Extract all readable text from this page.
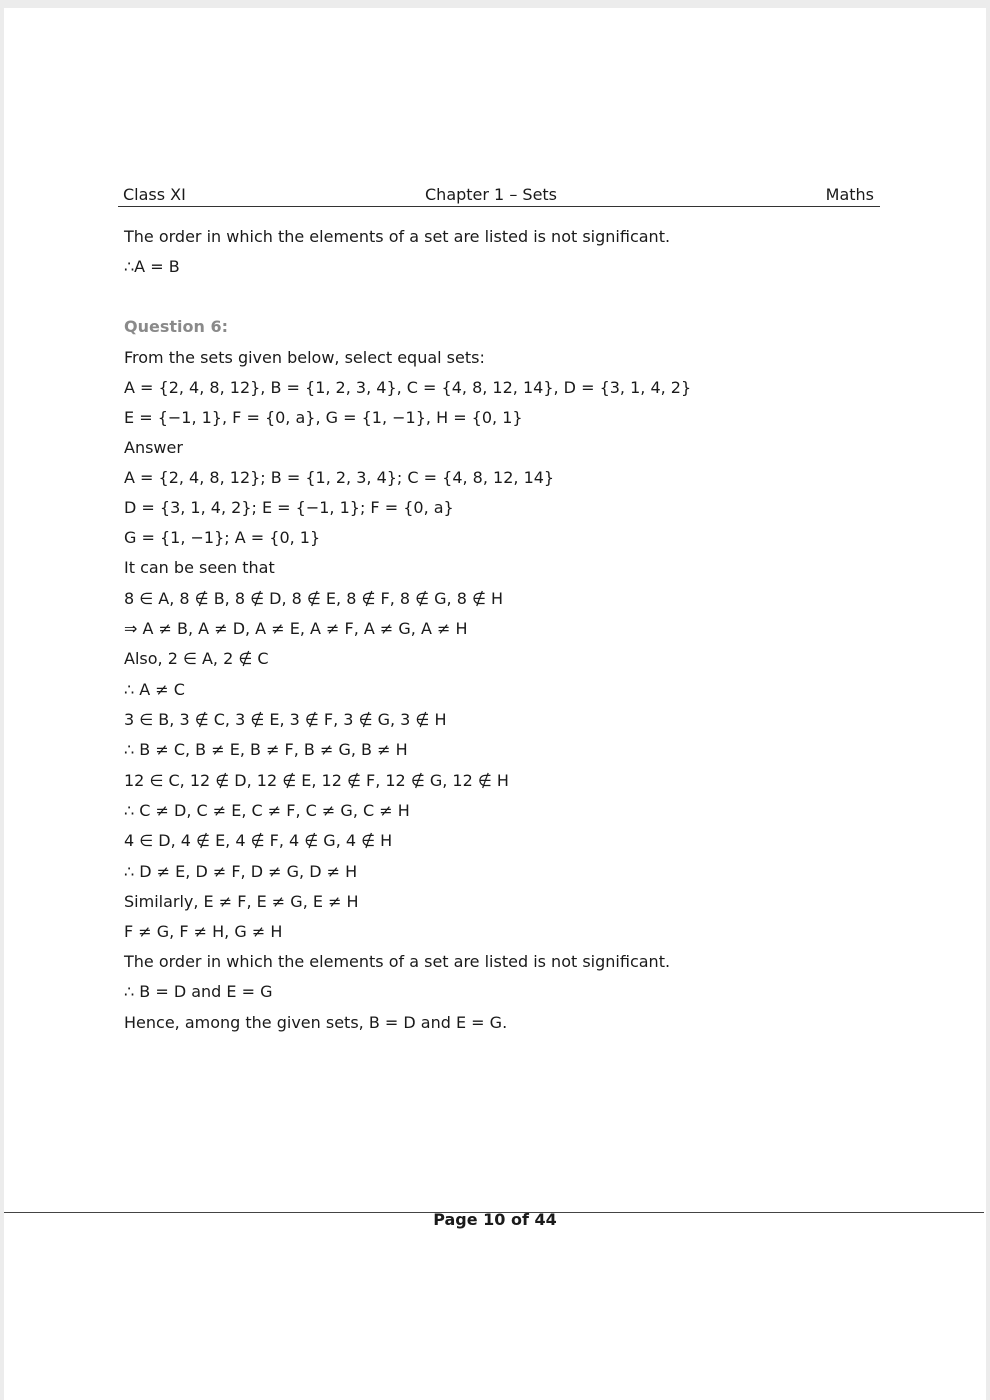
Class XI	Chapter 1 – Sets	Maths
The order in which the elements of a set are listed is not significant.
∴A = B
Question 6:
From the sets given below, select equal sets:
A = {2, 4, 8, 12}, B = {1, 2, 3, 4}, C = {4, 8, 12, 14}, D = {3, 1, 4, 2}
E = {−1, 1}, F = {0, a}, G = {1, −1}, H = {0, 1}
Answer
A = {2, 4, 8, 12}; B = {1, 2, 3, 4}; C = {4, 8, 12, 14}
D = {3, 1, 4, 2}; E = {−1, 1}; F = {0, a}
G = {1, −1}; A = {0, 1}
It can be seen that
8 ∈ A, 8 ∉ B, 8 ∉ D, 8 ∉ E, 8 ∉ F, 8 ∉ G, 8 ∉ H
⇒ A ≠ B, A ≠ D, A ≠ E, A ≠ F, A ≠ G, A ≠ H
Also, 2 ∈ A, 2 ∉ C
∴ A ≠ C
3 ∈ B, 3 ∉ C, 3 ∉ E, 3 ∉ F, 3 ∉ G, 3 ∉ H
∴ B ≠ C, B ≠ E, B ≠ F, B ≠ G, B ≠ H
12 ∈ C, 12 ∉ D, 12 ∉ E, 12 ∉ F, 12 ∉ G, 12 ∉ H
∴ C ≠ D, C ≠ E, C ≠ F, C ≠ G, C ≠ H
4 ∈ D, 4 ∉ E, 4 ∉ F, 4 ∉ G, 4 ∉ H
∴ D ≠ E, D ≠ F, D ≠ G, D ≠ H
Similarly, E ≠ F, E ≠ G, E ≠ H
F ≠ G, F ≠ H, G ≠ H
The order in which the elements of a set are listed is not significant.
∴ B = D and E = G
Hence, among the given sets, B = D and E = G.
Page 10 of 44
